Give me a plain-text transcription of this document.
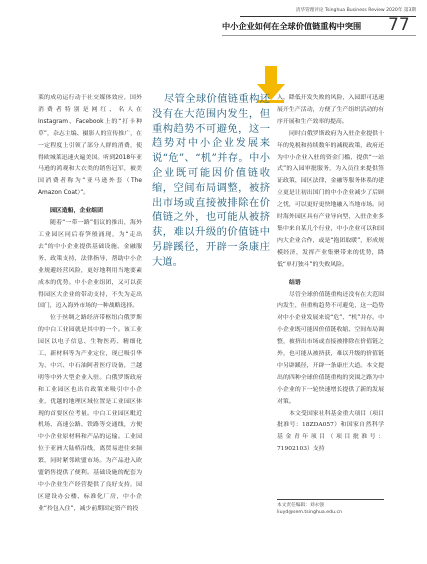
清华管理评论 Tsinghua Business Review 2020年 第3期
中小企业如何在全球价值链重构中突围	77

莱的成功运行动于社交媒体效应，国外消费者特别是网红、名人在Instagram、Facebook上的“打卡种草”，杂志主编、摄影人的宣传推广，在一定程度上引领了部分人群的消费，使得欧城莱迅速火遍美国。听到2018年亚马逊的鸿观和大衣类的销售冠军，被美国消费者称为“亚马逊外套（The Amazon Coat）”。

园区造船，企业组团

随着“一带一路”倡议的推出，海外工业园区同后春笋般涌现，为“走出去”的中小企业提供基础设施、金融服务、政策支持，法律指导，帮助中小企业规避经营风险，更好地利用当地要素成本的优势。中小企业组团，又可以获得园区大企业的带动支持，不失为走出国门，迈入海外市场的一种战略选择。

位于丝绸之路经济带枢纽白俄罗斯的中白工业园就是其中的一个。该工业园区以电子信息、生物医药、精细化工、新材料等为产业定位，现已吸引华为、中兴、中石油阿者医疗设备，兰越明等中外大型企业入驻。白俄罗斯政府和工业园区也出台政策来吸引中小企业，优越的地理区域位置是工业园区体现的首要区位考量。中白工业园区毗近机场、高速公路、铁路等交通线，方便中小企业原材料和产品的运输。工业园位于亚洲大陆桥沿线，离贸易进往来频繁，同时紧邻欧盟市场。为产品进入欧盟销售提供了便利。基础设施的配套为中小企业生产经营提供了良好支持，园区建设办公楼、标准化厂房，中小企业“拎包入住”，减少前期固定资产的投

尽管全球价值链重构还没有在大范围内发生，但重构趋势不可避免，这一趋势对中小企业发展来说“危”、“机”并存。中小企业既可能因价值链收缩，空间布局调整，被挤出市场或直接被排除在价值链之外，也可能从被挤获，难以升级的价值链中另辟蹊径，开辟一条康庄大道。

入，降低开发失败的风险，入园即可迅速展开生产活动，方便了生产组织活动的有序开展和生产效率的提高。

同时白俄罗斯政府为入驻企业提供十年的免税和持续数年的减税政策，政府还为中小企业入驻的资金门槛，提供“一站式”的入园审批服务，为入员往来提供签证政策，园区法律，金融等服务体系的建立更是让初出国门的中小企业减少了后顾之忧，可以更好更快地融入当地市场。同时海外园区具有产业导向型，入驻企业多集中来自某几个行业，中小企业可以和国内大企业合作，或是“抱团取暖”，形成规模经济，发挥产业集聚带来的优势，降低“单打独斗”的失败风险。

结语

尽管全球价值链重构还没有在大范围内发生，但重构趋势不可避免，这一趋势对中小企业发展来说“危”、“机”并存。中小企业既可能因价值链收缩、空间布局调整，被挤出市场或直接被排除在价值链之外，也可能从被挤获，难以升级的价值链中另辟蹊径，开辟一条康庄大道。本文提出的四种全球价值链重构的突围之路为中小企业的下一轮快速增长提供了新的发展对策。

本文受国家社科基金重大项目（项目批准号：18ZDA057）和国家自然科学基金青年项目（项目批准号：71902103）支持

本文责任编辑：刘永强
liuyd@sem.tsinghua.edu.cn
